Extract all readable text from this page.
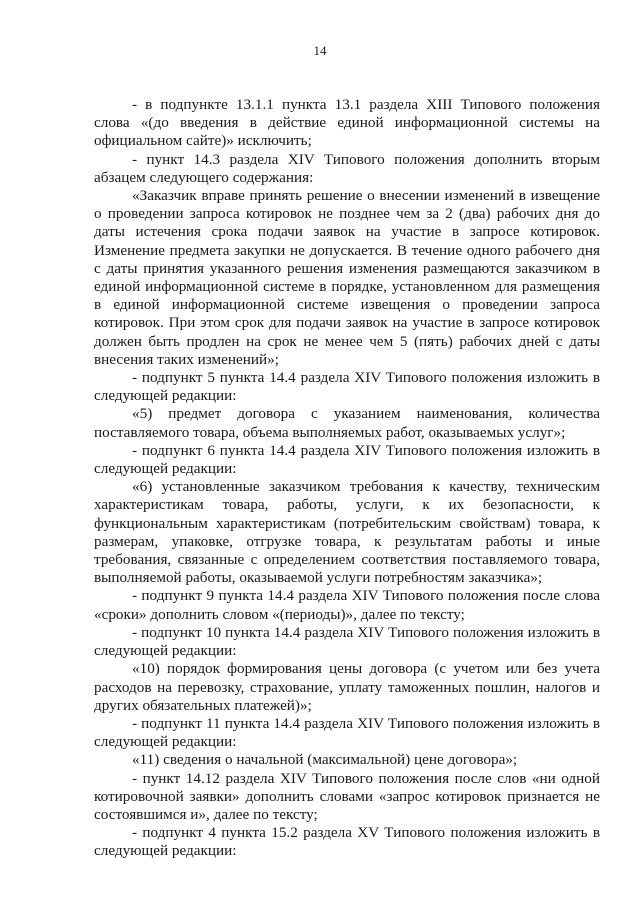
14

- в подпункте 13.1.1 пункта 13.1 раздела XIII Типового положения слова «(до введения в действие единой информационной системы на официальном сайте)» исключить;

- пункт 14.3 раздела XIV Типового положения дополнить вторым абзацем следующего содержания:

«Заказчик вправе принять решение о внесении изменений в извещение о проведении запроса котировок не позднее чем за 2 (два) рабочих дня до даты истечения срока подачи заявок на участие в запросе котировок. Изменение предмета закупки не допускается. В течение одного рабочего дня с даты принятия указанного решения изменения размещаются заказчиком в единой информационной системе в порядке, установленном для размещения в единой информационной системе извещения о проведении запроса котировок. При этом срок для подачи заявок на участие в запросе котировок должен быть продлен на срок не менее чем 5 (пять) рабочих дней с даты внесения таких изменений»;

- подпункт 5 пункта 14.4 раздела XIV Типового положения изложить в следующей редакции:

«5) предмет договора с указанием наименования, количества поставляемого товара, объема выполняемых работ, оказываемых услуг»;

- подпункт 6 пункта 14.4 раздела XIV Типового положения изложить в следующей редакции:

«6) установленные заказчиком требования к качеству, техническим характеристикам товара, работы, услуги, к их безопасности, к функциональным характеристикам (потребительским свойствам) товара, к размерам, упаковке, отгрузке товара, к результатам работы и иные требования, связанные с определением соответствия поставляемого товара, выполняемой работы, оказываемой услуги потребностям заказчика»;

- подпункт 9 пункта 14.4 раздела XIV Типового положения после слова «сроки» дополнить словом «(периоды)», далее по тексту;

- подпункт 10 пункта 14.4 раздела XIV Типового положения изложить в следующей редакции:

«10) порядок формирования цены договора (с учетом или без учета расходов на перевозку, страхование, уплату таможенных пошлин, налогов и других обязательных платежей)»;

- подпункт 11 пункта 14.4 раздела XIV Типового положения изложить в следующей редакции:

«11) сведения о начальной (максимальной) цене договора»;

- пункт 14.12 раздела XIV Типового положения после слов «ни одной котировочной заявки» дополнить словами «запрос котировок признается не состоявшимся и», далее по тексту;

- подпункт 4 пункта 15.2 раздела XV Типового положения изложить в следующей редакции:
